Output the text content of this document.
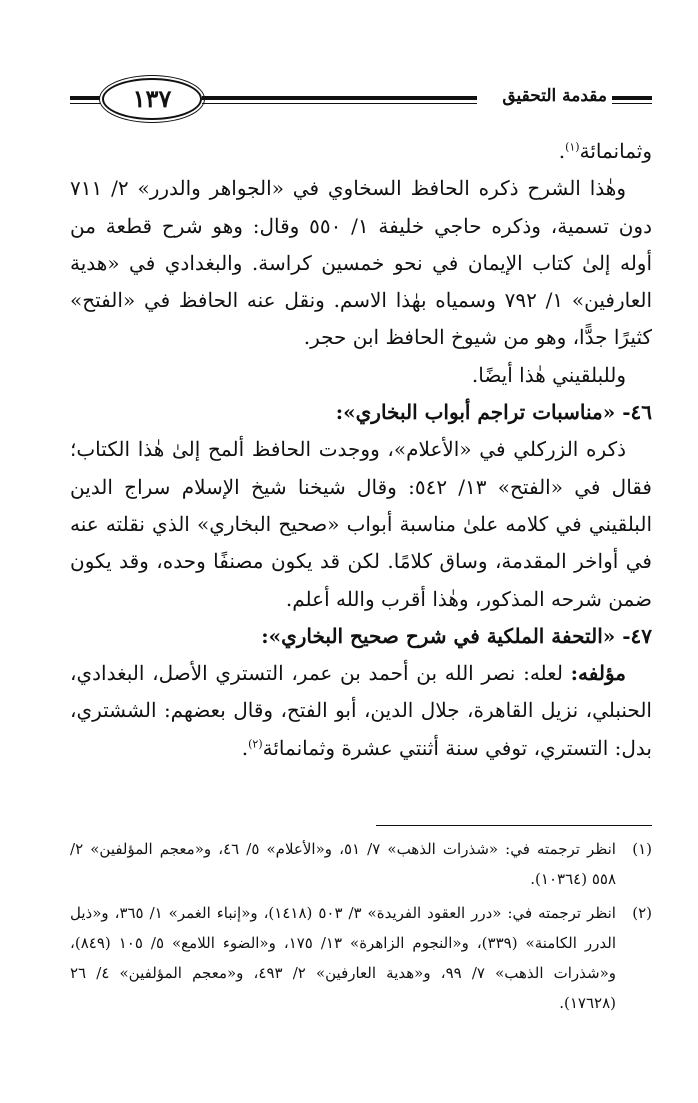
١٣٧	مقدمة التحقيق

وثمانمائة$^{(١)}$.

وهٰذا الشرح ذكره الحافظ السخاوي في «الجواهر والدرر» ٢/ ٧١١ دون تسمية، وذكره حاجي خليفة ١/ ٥٥٠ وقال: وهو شرح قطعة من أوله إلىٰ كتاب الإيمان في نحو خمسين كراسة. والبغدادي في «هدية العارفين» ١/ ٧٩٢ وسمياه بهٰذا الاسم. ونقل عنه الحافظ في «الفتح» كثيرًا جدًّا، وهو من شيوخ الحافظ ابن حجر.

وللبلقيني هٰذا أيضًا.

٤٦- «مناسبات تراجم أبواب البخاري»:

ذكره الزركلي في «الأعلام»، ووجدت الحافظ ألمح إلىٰ هٰذا الكتاب؛ فقال في «الفتح» ١٣/ ٥٤٢: وقال شيخنا شيخ الإسلام سراج الدين البلقيني في كلامه علىٰ مناسبة أبواب «صحيح البخاري» الذي نقلته عنه في أواخر المقدمة، وساق كلامًا. لكن قد يكون مصنفًا وحده، وقد يكون ضمن شرحه المذكور، وهٰذا أقرب والله أعلم.

٤٧- «التحفة الملكية في شرح صحيح البخاري»:

مؤلفه: لعله: نصر الله بن أحمد بن عمر، التستري الأصل، البغدادي، الحنبلي، نزيل القاهرة، جلال الدين، أبو الفتح، وقال بعضهم: الششتري، بدل: التستري، توفي سنة أثنتي عشرة وثمانمائة$^{(٢)}$.

(١)
انظر ترجمته في: «شذرات الذهب» ٧/ ٥١، و«الأعلام» ٥/ ٤٦، و«معجم المؤلفين» ٢/ ٥٥٨ (١٠٣٦٤).

(٢)
انظر ترجمته في: «درر العقود الفريدة» ٣/ ٥٠٣ (١٤١٨)، و«إنباء الغمر» ١/ ٣٦٥، و«ذيل الدرر الكامنة» (٣٣٩)، و«النجوم الزاهرة» ١٣/ ١٧٥، و«الضوء اللامع» ٥/ ١٠٥ (٨٤٩)، و«شذرات الذهب» ٧/ ٩٩، و«هدية العارفين» ٢/ ٤٩٣، و«معجم المؤلفين» ٤/ ٢٦ (١٧٦٢٨).
